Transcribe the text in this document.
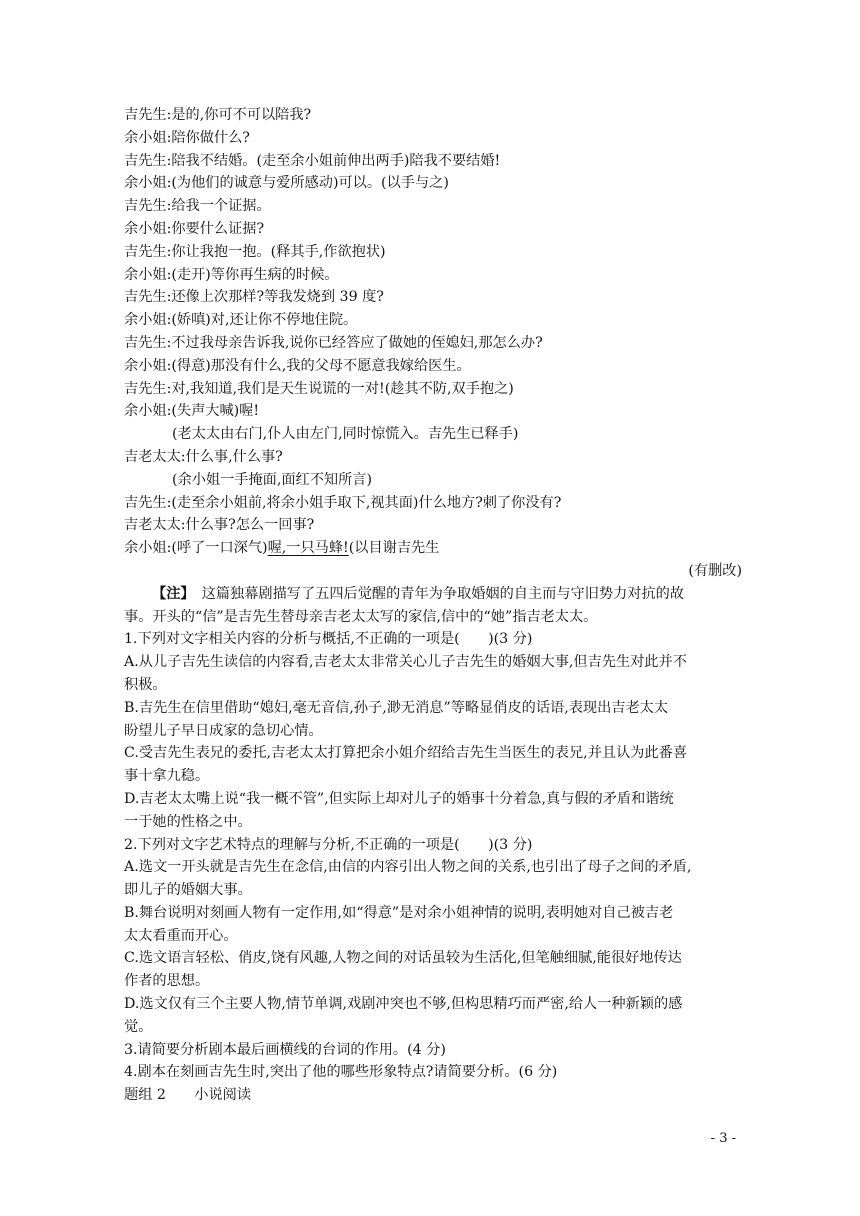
吉先生:是的,你可不可以陪我?
余小姐:陪你做什么?
吉先生:陪我不结婚。(走至余小姐前伸出两手)陪我不要结婚!
余小姐:(为他们的诚意与爱所感动)可以。(以手与之)
吉先生:给我一个证据。
余小姐:你要什么证据?
吉先生:你让我抱一抱。(释其手,作欲抱状)
余小姐:(走开)等你再生病的时候。
吉先生:还像上次那样?等我发烧到 39 度?
余小姐:(娇嗔)对,还让你不停地住院。
吉先生:不过我母亲告诉我,说你已经答应了做她的侄媳妇,那怎么办?
余小姐:(得意)那没有什么,我的父母不愿意我嫁给医生。
吉先生:对,我知道,我们是天生说谎的一对!(趁其不防,双手抱之)
余小姐:(失声大喊)喔!
(老太太由右门,仆人由左门,同时惊慌入。吉先生已释手)
吉老太太:什么事,什么事?
(余小姐一手掩面,面红不知所言)
吉先生:(走至余小姐前,将余小姐手取下,视其面)什么地方?刺了你没有?
吉老太太:什么事?怎么一回事?
余小姐:(呼了一口深气)喔,一只马蜂!(以目谢吉先生
(有删改)
【注】　 这篇独幕剧描写了五四后觉醒的青年为争取婚姻的自主而与守旧势力对抗的故
事。开头的“信”是吉先生替母亲吉老太太写的家信,信中的“她”指吉老太太。
1.下列对文字相关内容的分析与概括,不正确的一项是(　　)(3 分)
A.从儿子吉先生读信的内容看,吉老太太非常关心儿子吉先生的婚姻大事,但吉先生对此并不
积极。
B.吉先生在信里借助“媳妇,毫无音信,孙子,渺无消息”等略显俏皮的话语,表现出吉老太太
盼望儿子早日成家的急切心情。
C.受吉先生表兄的委托,吉老太太打算把余小姐介绍给吉先生当医生的表兄,并且认为此番喜
事十拿九稳。
D.吉老太太嘴上说“我一概不管”,但实际上却对儿子的婚事十分着急,真与假的矛盾和谐统
一于她的性格之中。
2.下列对文字艺术特点的理解与分析,不正确的一项是(　　)(3 分)
A.选文一开头就是吉先生在念信,由信的内容引出人物之间的关系,也引出了母子之间的矛盾,
即儿子的婚姻大事。
B.舞台说明对刻画人物有一定作用,如“得意”是对余小姐神情的说明,表明她对自己被吉老
太太看重而开心。
C.选文语言轻松、俏皮,饶有风趣,人物之间的对话虽较为生活化,但笔触细腻,能很好地传达
作者的思想。
D.选文仅有三个主要人物,情节单调,戏剧冲突也不够,但构思精巧而严密,给人一种新颖的感
觉。
3.请简要分析剧本最后画横线的台词的作用。(4 分)
4.剧本在刻画吉先生时,突出了他的哪些形象特点?请简要分析。(6 分)
题组 2　　小说阅读
- 3 -
